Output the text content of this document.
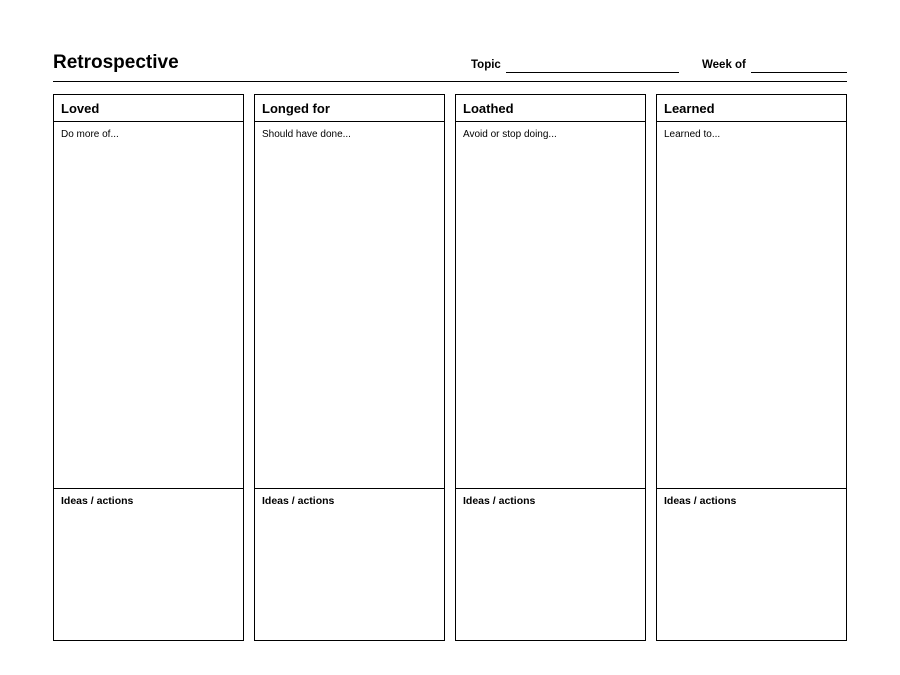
Retrospective	Topic	Week of
Loved
Do more of...
Ideas / actions
Longed for
Should have done...
Ideas / actions
Loathed
Avoid or stop doing...
Ideas / actions
Learned
Learned to...
Ideas / actions
